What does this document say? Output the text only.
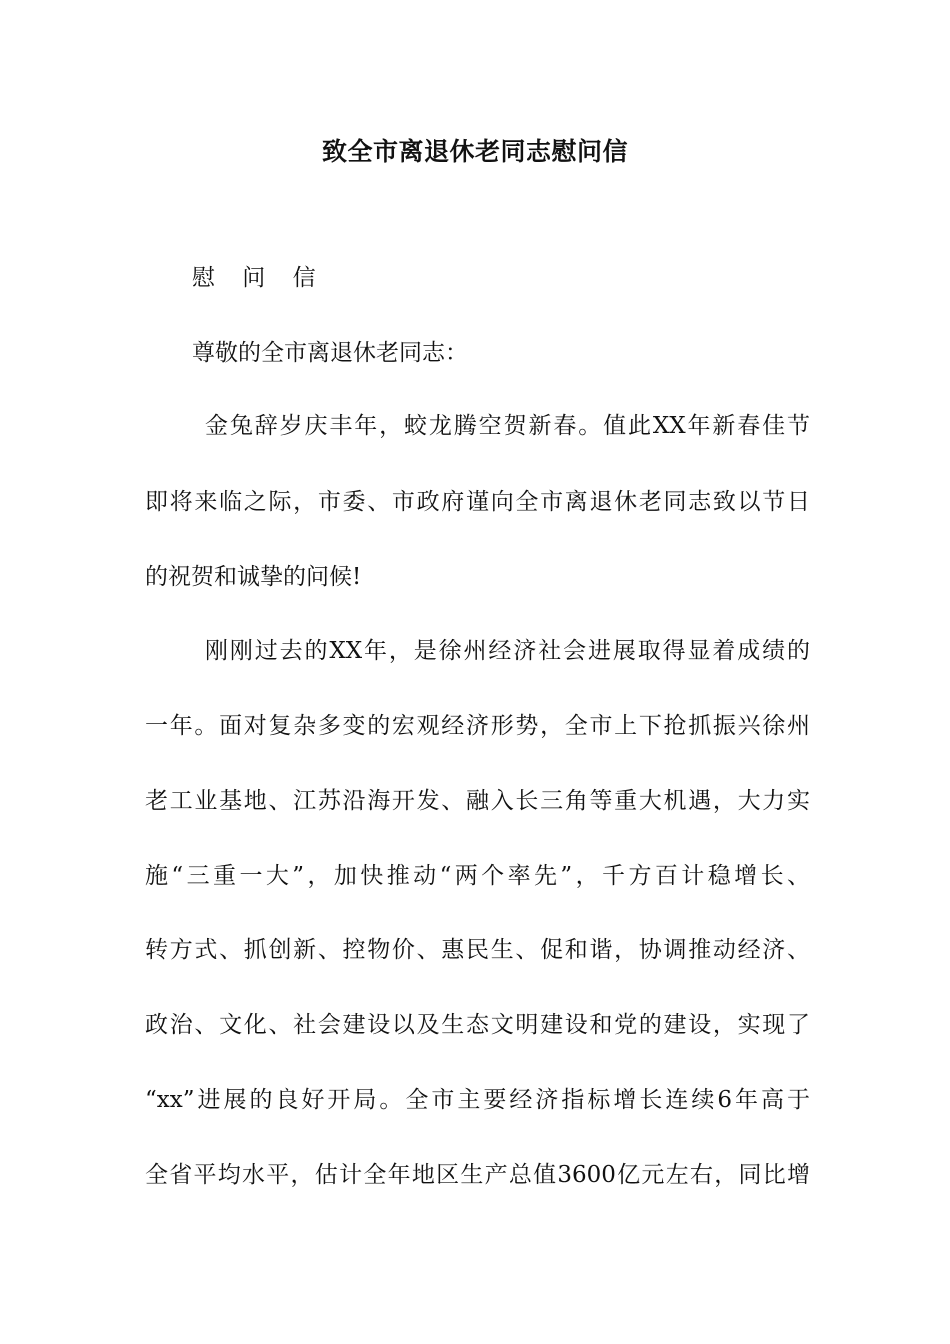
致全市离退休老同志慰问信

慰 问 信

尊敬的全市离退休老同志：

金兔辞岁庆丰年，蛟龙腾空贺新春。值此XX年新春佳节

即将来临之际，市委、市政府谨向全市离退休老同志致以节日

的祝贺和诚挚的问候!

刚刚过去的XX年，是徐州经济社会进展取得显着成绩的

一年。面对复杂多变的宏观经济形势，全市上下抢抓振兴徐州

老工业基地、江苏沿海开发、融入长三角等重大机遇，大力实

施“三重一大”，加快推动“两个率先”，千方百计稳增长、

转方式、抓创新、控物价、惠民生、促和谐，协调推动经济、

政治、文化、社会建设以及生态文明建设和党的建设，实现了

“xx”进展的良好开局。全市主要经济指标增长连续6年高于

全省平均水平，估计全年地区生产总值3600亿元左右，同比增
